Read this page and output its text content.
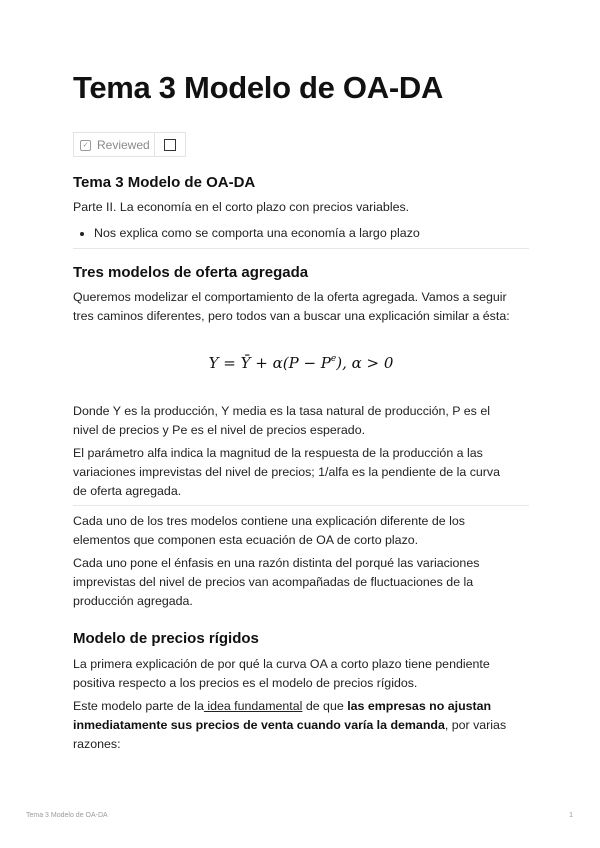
Tema 3 Modelo de OA-DA
✓ Reviewed
Tema 3 Modelo de OA-DA

Parte II. La economía en el corto plazo con precios variables.

Nos explica como se comporta una economía a largo plazo
Tres modelos de oferta agregada

Queremos modelizar el comportamiento de la oferta agregada. Vamos a seguir

tres caminos diferentes, pero todos van a buscar una explicación similar a ésta:

Y = Ȳ + $\alpha(P - P^e)$, α > 0

Donde Y es la producción, Y media es la tasa natural de producción, P es el

nivel de precios y Pe es el nivel de precios esperado.

El parámetro alfa indica la magnitud de la respuesta de la producción a las

variaciones imprevistas del nivel de precios; 1/alfa es la pendiente de la curva

de oferta agregada.

Cada uno de los tres modelos contiene una explicación diferente de los

elementos que componen esta ecuación de OA de corto plazo.

Cada uno pone el énfasis en una razón distinta del porqué las variaciones

imprevistas del nivel de precios van acompañadas de fluctuaciones de la

producción agregada.

Modelo de precios rígidos

La primera explicación de por qué la curva OA a corto plazo tiene pendiente

positiva respecto a los precios es el modelo de precios rígidos.

Este modelo parte de la idea fundamental de que las empresas no ajustan

inmediatamente sus precios de venta cuando varía la demanda, por varias

razones:

Tema 3 Modelo de OA-DA	1
